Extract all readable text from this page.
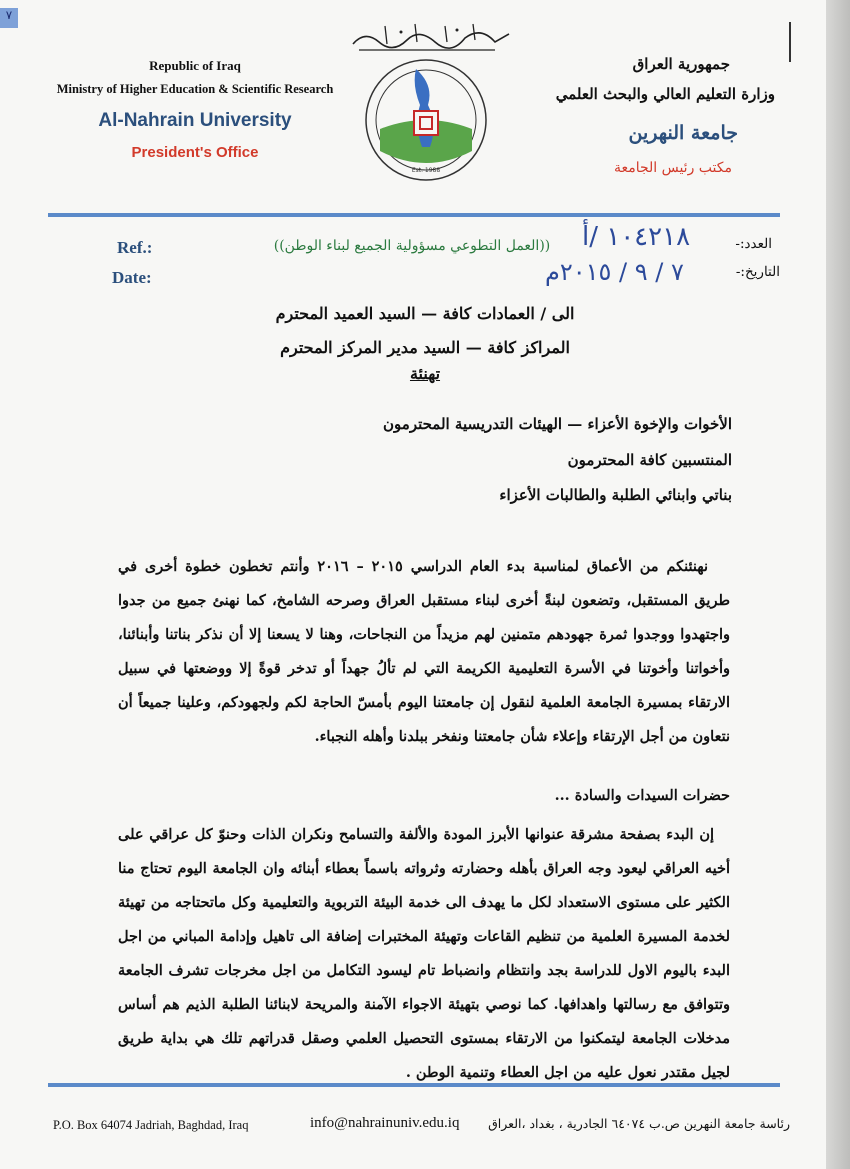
٧
Republic of Iraq
Ministry of Higher Education & Scientific Research
Al-Nahrain University
President's Office
Est. 1988
جمهورية العراق
وزارة التعليم العالي والبحث العلمي
جامعة النهرين
مكتب رئيس الجامعة
Ref.:
Date:
((العمل التطوعي مسؤولية الجميع لبناء الوطن))	العدد:-
التاريخ:-
١٠٤٢١٨ /أ
٧ / ٩ / ٢٠١٥م
الى / العمادات كافة — السيد العميد المحترم
المراكز كافة — السيد مدير المركز المحترم
تهنئة
الأخوات والإخوة الأعزاء — الهيئات التدريسية المحترمون
المنتسبين كافة المحترمون
بناتي وابنائي الطلبة والطالبات الأعزاء
نهنئنكم من الأعماق لمناسبة بدء العام الدراسي ٢٠١٥ – ٢٠١٦ وأنتم تخطون خطوة أخرى في طريق المستقبل، وتضعون لبنةً أخرى لبناء مستقبل العراق وصرحه الشامخ، كما نهنئ جميع من جدوا واجتهدوا ووجدوا ثمرة جهودهم متمنين لهم مزيداً من النجاحات، وهنا لا يسعنا إلا أن نذكر بناتنا وأبنائنا، وأخواتنا وأخوتنا في الأسرة التعليمية الكريمة التي لم تألُ جهداً أو تدخر قوةً إلا ووضعتها في سبيل الارتقاء بمسيرة الجامعة العلمية لنقول إن جامعتنا اليوم بأمسّ الحاجة لكم ولجهودكم، وعلينا جميعاً أن نتعاون من أجل الإرتقاء وإعلاء شأن جامعتنا ونفخر ببلدنا وأهله النجباء.
حضرات السيدات والسادة ...
إن البدء بصفحة مشرقة عنوانها الأبرز المودة والألفة والتسامح ونكران الذات وحنوّ كل عراقي على أخيه العراقي ليعود وجه العراق بأهله وحضارته وثرواته باسماً بعطاء أبنائه وان الجامعة اليوم تحتاج منا الكثير على مستوى الاستعداد لكل ما يهدف الى خدمة البيئة التربوية والتعليمية وكل ماتحتاجه من تهيئة لخدمة المسيرة العلمية من تنظيم القاعات وتهيئة المختبرات إضافة الى تاهيل وإدامة المباني من اجل البدء باليوم الاول للدراسة بجد وانتظام وانضباط تام ليسود التكامل من اجل مخرجات تشرف الجامعة وتتوافق مع رسالتها واهدافها. كما نوصي بتهيئة الاجواء الآمنة والمريحة لابنائنا الطلبة الذيم هم أساس مدخلات الجامعة ليتمكنوا من الارتقاء بمستوى التحصيل العلمي وصقل قدراتهم تلك هي بداية طريق لجيل مقتدر نعول عليه من اجل العطاء وتنمية الوطن .
P.O. Box 64074 Jadriah, Baghdad, Iraq	info@nahrainuniv.edu.iq رئاسة جامعة النهرين ص.ب ٦٤٠٧٤ الجادرية ، بغداد ،العراق
